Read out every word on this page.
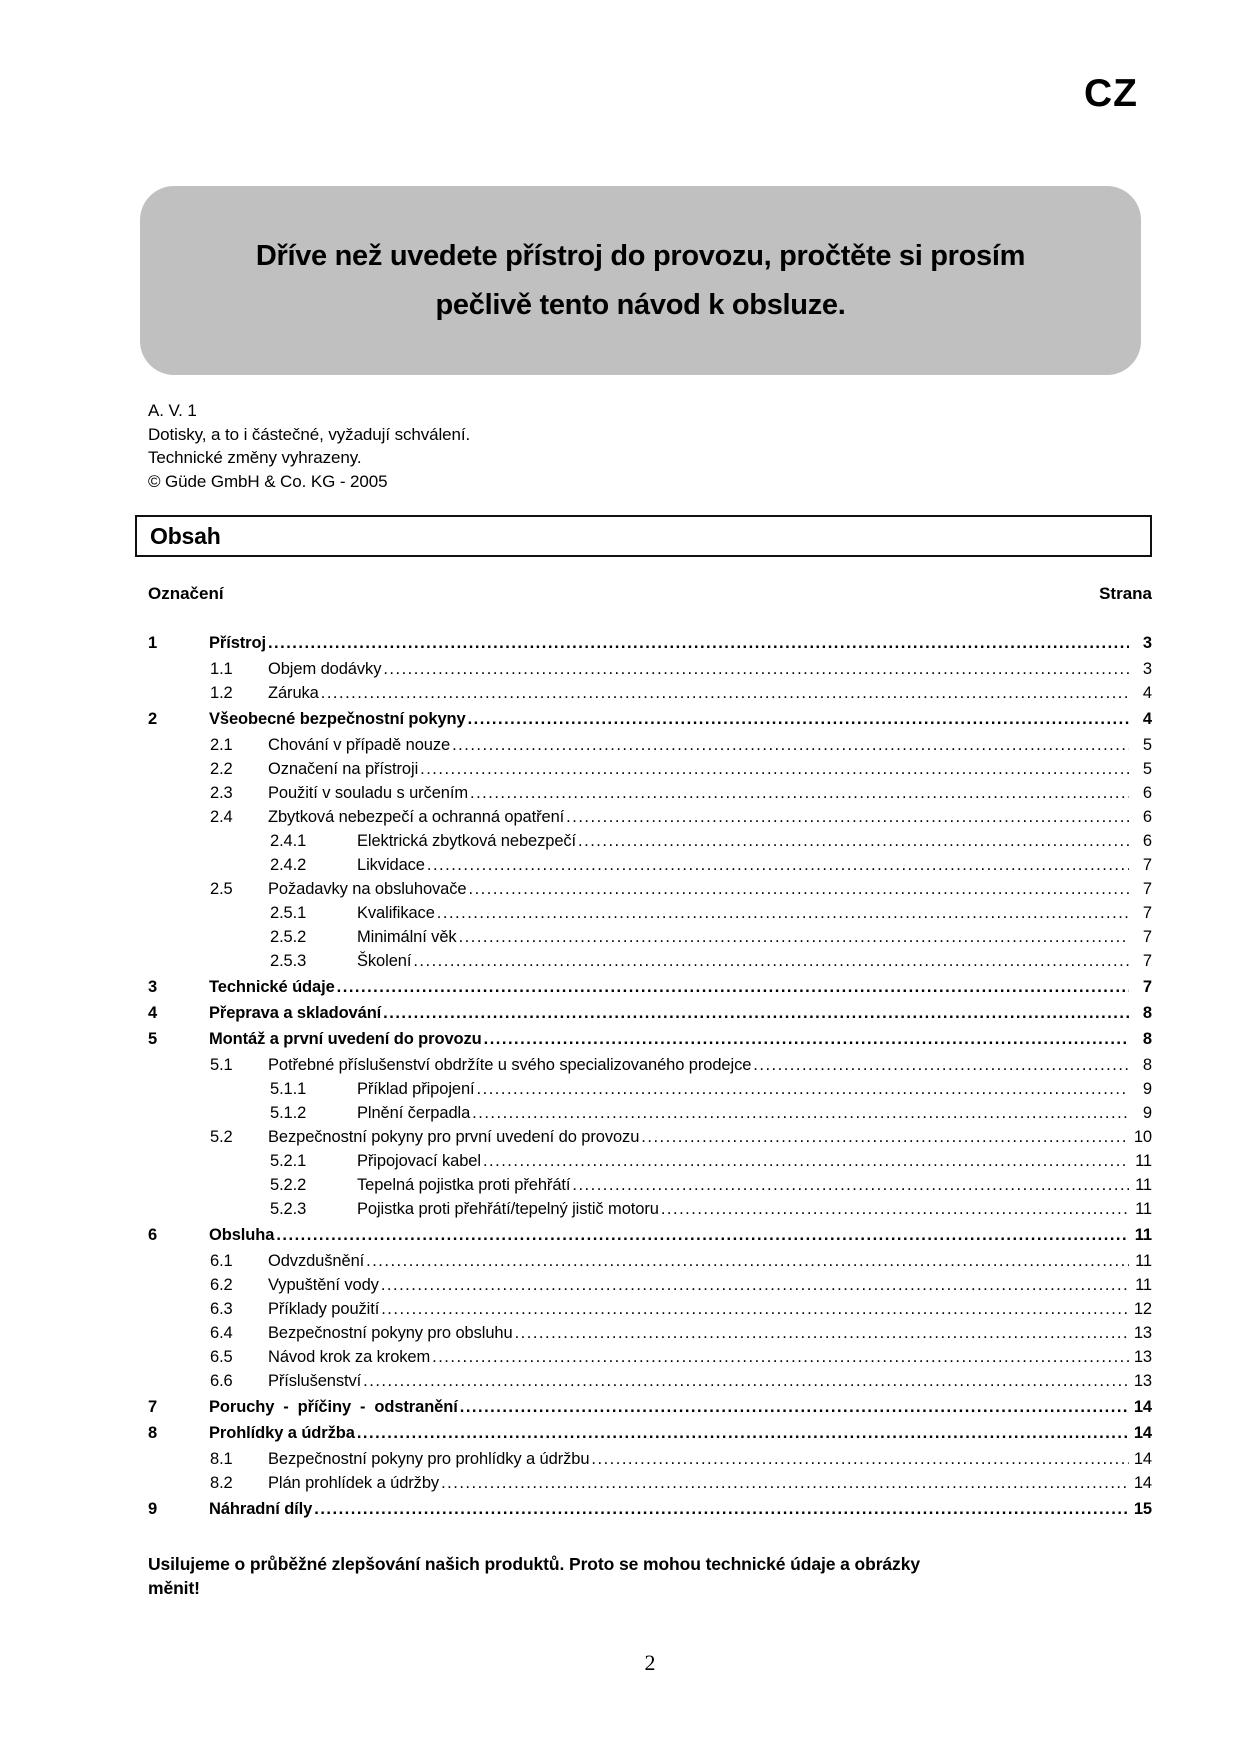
CZ
Dříve než uvedete přístroj do provozu, pročtěte si prosím
pečlivě tento návod k obsluze.
A. V. 1
Dotisky, a to i částečné, vyžadují schválení.
Technické změny vyhrazeny.
© Güde GmbH & Co. KG - 2005
Obsah
Označení	Strana
1	Přístroj .....	3
1.1	Objem dodávky .....	3
1.2	Záruka .....	4
2	Všeobecné bezpečnostní pokyny .....	4
2.1	Chování v případě nouze .....	5
2.2	Označení na přístroji .....	5
2.3	Použití v souladu s určením .....	6
2.4	Zbytková nebezpečí a ochranná opatření .....	6
2.4.1	Elektrická zbytková nebezpečí .....	6
2.4.2	Likvidace .....	7
2.5	Požadavky na obsluhovače .....	7
2.5.1	Kvalifikace .....	7
2.5.2	Minimální věk .....	7
2.5.3	Školení .....	7
3	Technické údaje .....	7
4	Přeprava a skladování .....	8
5	Montáž a první uvedení do provozu .....	8
5.1	Potřebné příslušenství obdržíte u svého specializovaného prodejce .....	8
5.1.1	Příklad připojení .....	9
5.1.2	Plnění čerpadla .....	9
5.2	Bezpečnostní pokyny pro první uvedení do provozu .....	10
5.2.1	Připojovací kabel .....	11
5.2.2	Tepelná pojistka proti přehřátí .....	11
5.2.3	Pojistka proti přehřátí/tepelný jistič motoru .....	11
6	Obsluha .....	11
6.1	Odvzdušnění .....	11
6.2	Vypuštění vody .....	11
6.3	Příklady použití .....	12
6.4	Bezpečnostní pokyny pro obsluhu .....	13
6.5	Návod krok za krokem .....	13
6.6	Příslušenství .....	13
7	Poruchy  -  příčiny  -  odstranění .....	14
8	Prohlídky a údržba .....	14
8.1	Bezpečnostní pokyny pro prohlídky a údržbu .....	14
8.2	Plán prohlídek a údržby .....	14
9	Náhradní díly .....	15
Usilujeme o průběžné zlepšování našich produktů. Proto se mohou technické údaje a obrázky
měnit!
2
